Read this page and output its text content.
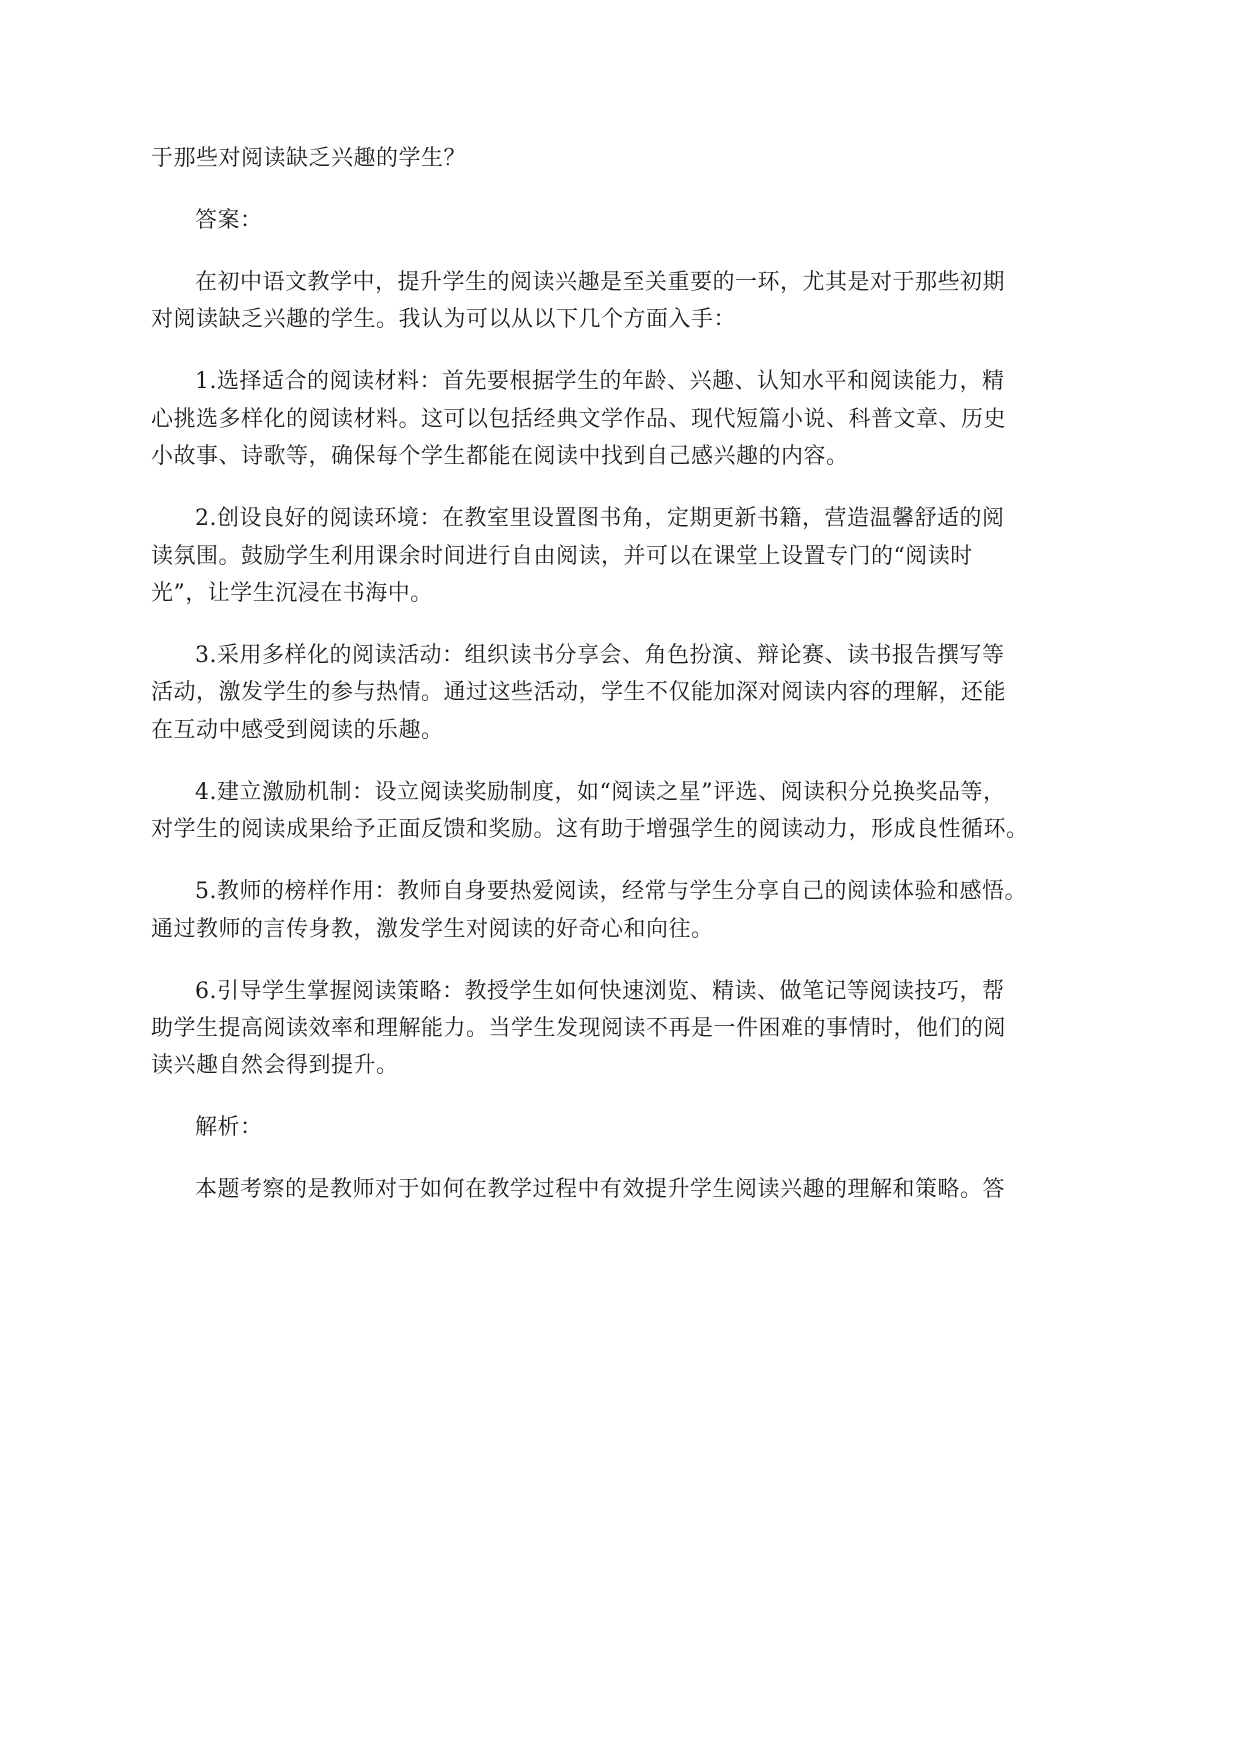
于那些对阅读缺乏兴趣的学生？
答案：
在初中语文教学中，提升学生的阅读兴趣是至关重要的一环，尤其是对于那些初期
对阅读缺乏兴趣的学生。我认为可以从以下几个方面入手：
1.选择适合的阅读材料：首先要根据学生的年龄、兴趣、认知水平和阅读能力，精
心挑选多样化的阅读材料。这可以包括经典文学作品、现代短篇小说、科普文章、历史
小故事、诗歌等，确保每个学生都能在阅读中找到自己感兴趣的内容。
2.创设良好的阅读环境：在教室里设置图书角，定期更新书籍，营造温馨舒适的阅
读氛围。鼓励学生利用课余时间进行自由阅读，并可以在课堂上设置专门的“阅读时
光”，让学生沉浸在书海中。
3.采用多样化的阅读活动：组织读书分享会、角色扮演、辩论赛、读书报告撰写等
活动，激发学生的参与热情。通过这些活动，学生不仅能加深对阅读内容的理解，还能
在互动中感受到阅读的乐趣。
4.建立激励机制：设立阅读奖励制度，如“阅读之星”评选、阅读积分兑换奖品等，
对学生的阅读成果给予正面反馈和奖励。这有助于增强学生的阅读动力，形成良性循环。
5.教师的榜样作用：教师自身要热爱阅读，经常与学生分享自己的阅读体验和感悟。
通过教师的言传身教，激发学生对阅读的好奇心和向往。
6.引导学生掌握阅读策略：教授学生如何快速浏览、精读、做笔记等阅读技巧，帮
助学生提高阅读效率和理解能力。当学生发现阅读不再是一件困难的事情时，他们的阅
读兴趣自然会得到提升。
解析：
本题考察的是教师对于如何在教学过程中有效提升学生阅读兴趣的理解和策略。答
